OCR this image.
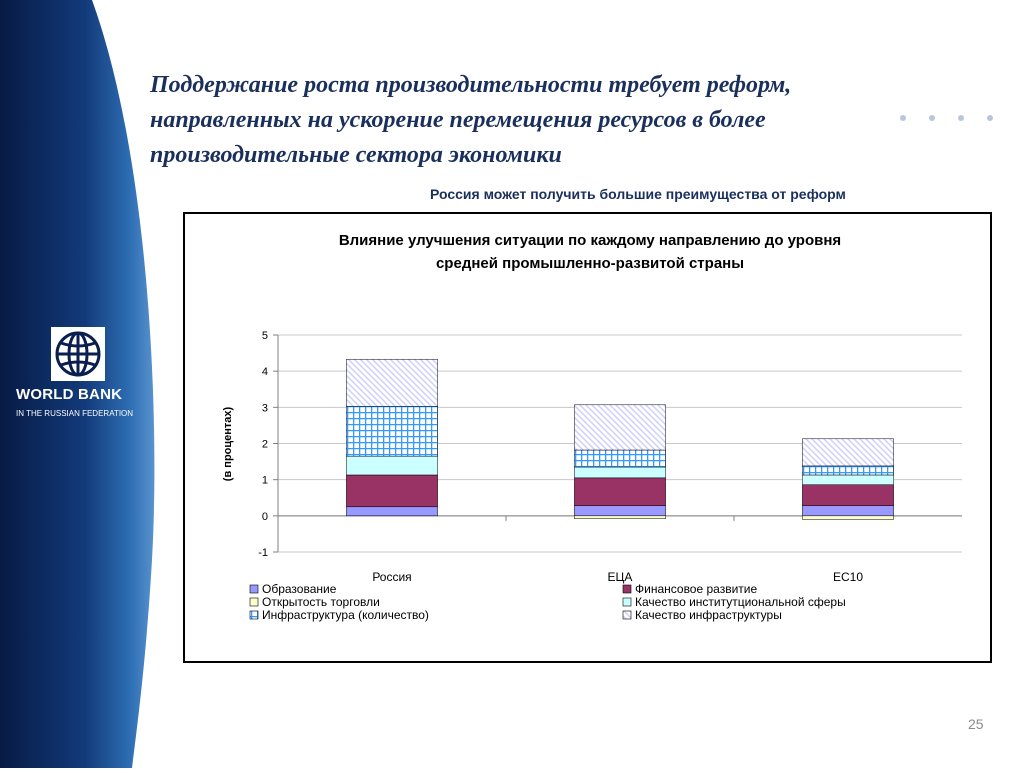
WORLD BANK
IN THE RUSSIAN FEDERATION
Поддержание роста производительности требует реформ,
направленных на ускорение перемещения ресурсов в более
производительные сектора экономики

Россия может получить большие преимущества от реформ

Влияние улучшения ситуации по каждому направлению до уровня
средней промышленно-развитой страны
(в процентах)
5
4
3
2
1
0
-1
Россия	ЕЦА	ЕС10
Образование	Финансовое развитие
Открытость торговли	Качество институтциональной сферы
Инфраструктура (количество)	Качество инфраструктуры
25
